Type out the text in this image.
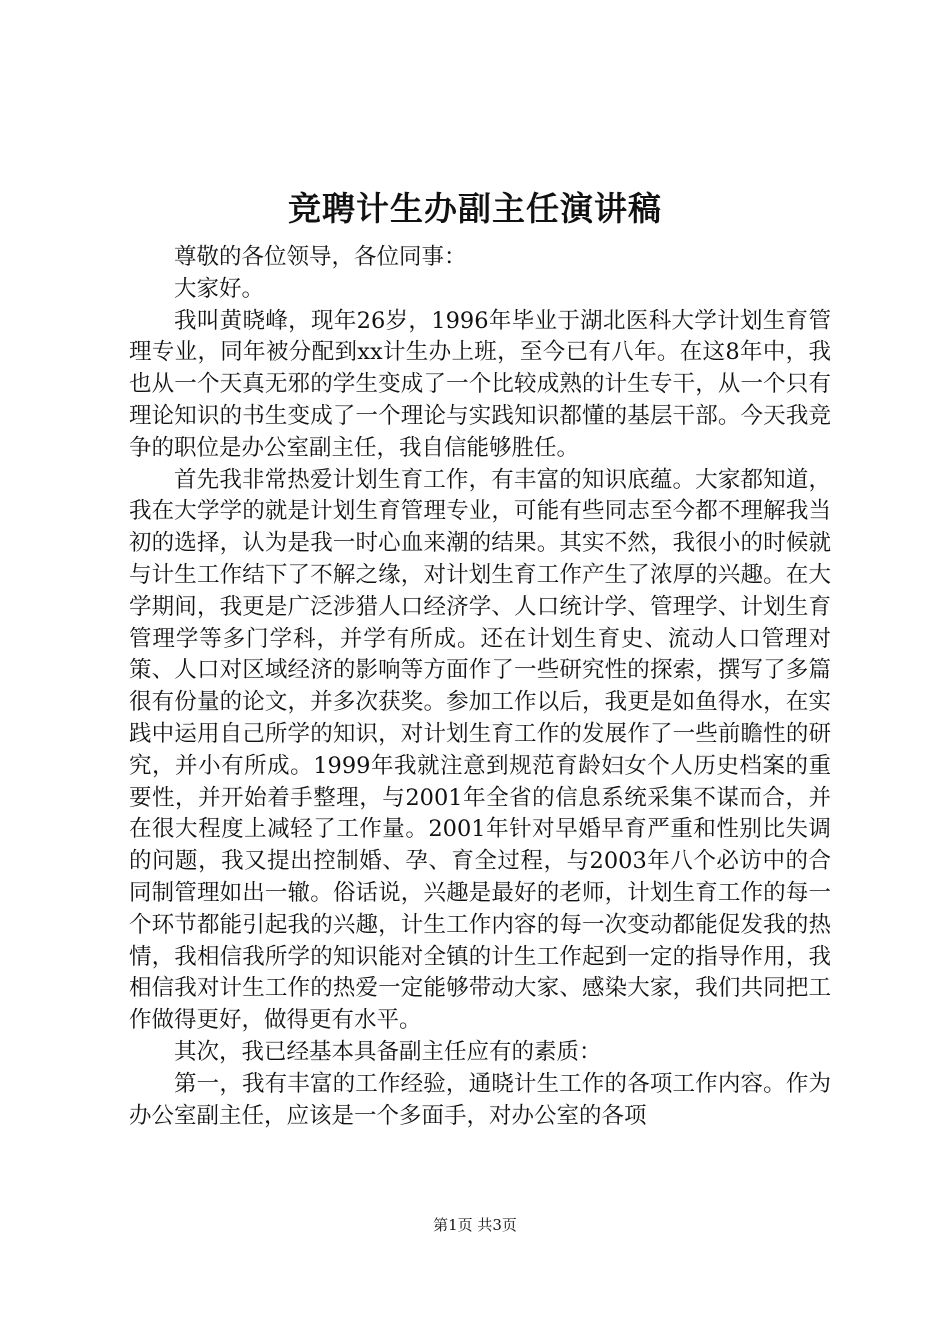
竞聘计生办副主任演讲稿

尊敬的各位领导，各位同事：

大家好。

我叫黄晓峰，现年26岁，1996年毕业于湖北医科大学计划生育管理专业，同年被分配到xx计生办上班，至今已有八年。在这8年中，我也从一个天真无邪的学生变成了一个比较成熟的计生专干，从一个只有理论知识的书生变成了一个理论与实践知识都懂的基层干部。今天我竞争的职位是办公室副主任，我自信能够胜任。

首先我非常热爱计划生育工作，有丰富的知识底蕴。大家都知道，我在大学学的就是计划生育管理专业，可能有些同志至今都不理解我当初的选择，认为是我一时心血来潮的结果。其实不然，我很小的时候就与计生工作结下了不解之缘，对计划生育工作产生了浓厚的兴趣。在大学期间，我更是广泛涉猎人口经济学、人口统计学、管理学、计划生育管理学等多门学科，并学有所成。还在计划生育史、流动人口管理对策、人口对区域经济的影响等方面作了一些研究性的探索，撰写了多篇很有份量的论文，并多次获奖。参加工作以后，我更是如鱼得水，在实践中运用自己所学的知识，对计划生育工作的发展作了一些前瞻性的研究，并小有所成。1999年我就注意到规范育龄妇女个人历史档案的重要性，并开始着手整理，与2001年全省的信息系统采集不谋而合，并在很大程度上减轻了工作量。2001年针对早婚早育严重和性别比失调的问题，我又提出控制婚、孕、育全过程，与2003年八个必访中的合同制管理如出一辙。俗话说，兴趣是最好的老师，计划生育工作的每一个环节都能引起我的兴趣，计生工作内容的每一次变动都能促发我的热情，我相信我所学的知识能对全镇的计生工作起到一定的指导作用，我相信我对计生工作的热爱一定能够带动大家、感染大家，我们共同把工作做得更好，做得更有水平。

其次，我已经基本具备副主任应有的素质：

第一，我有丰富的工作经验，通晓计生工作的各项工作内容。作为办公室副主任，应该是一个多面手，对办公室的各项

第1页 共3页
